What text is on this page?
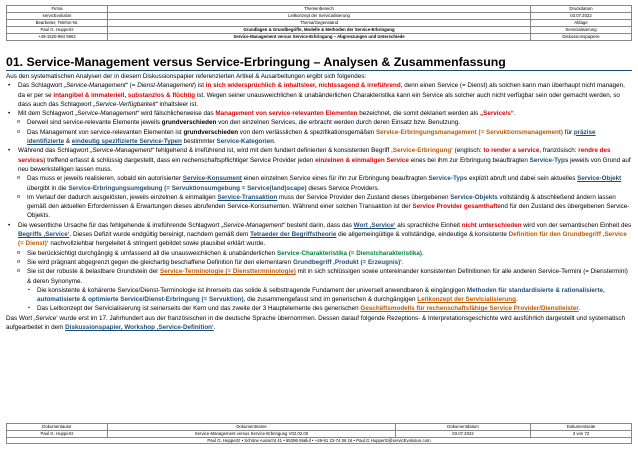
Firma	Themenbereich	Druckdatum
servicEvolution	Leitkonzept der Servicialisierung	03.07.2022
Bearbeiter, Telefon-Nr.	Thema/Gegenstand	Ablage
Paul G. Huppertz	Grundlagen & Grundbegriffe, Modelle & Methoden der Service-Erbringung	Servicialisierung
+49-1520-984 5962	Service-Management versus Service-Erbringung – Abgrenzungen und Unterschiede	Diskussionspapiere
01. Service-Management versus Service-Erbringung – Analysen & Zusammenfassung

Aus den systematischen Analysen der in diesem Diskussionspapier referenzierten Artikel & Ausarbeitungen ergibt sich folgendes:

• Das Schlagwort „Service-Management“ (= Dienst-Management) ist in sich widersprüchlich & inhaltsleer, nichtssagend & irreführend, denn einen Service (= Dienst) als solchen kann man überhaupt nicht managen, da er per se intangibel & immateriell, substanzlos & flüchtig ist. Wegen seiner unausweichlichen & unabänderlichen Charakteristika kann ein Service als solcher auch nicht verfügbar sein oder gemacht werden, so dass auch das Schlagwort „Service-Verfügbarkeit“ inhaltsleer ist.
• Mit dem Schlagwort „Service-Management“ wird fälschlicherweise das Management von service-relevanten Elementen bezeichnet, die somit deklariert werden als „Service/s“.
o Derweil sind service-relevante Elemente jeweils grundverschieden von den einzelnen Services, die erbracht werden durch deren Einsatz bzw. Benutzung.
o Das Management von service-relevanten Elementen ist grundverschieden von dem verlässlichen & spezifikationsgemäßen Service-Erbringungsmanagement (= Servuktionsmanagement) für präzise identifizierte & eindeutig spezifizierte Service-Typen bestimmter Service-Kategorien.
• Während das Schlagwort „Service-Management“ fehlgehend & irreführend ist, wird mit dem fundiert definierten & konsistenten Begriff ‚Service-Erbringung‘ (englisch: to render a service, französisch: rendre des services) treffend erfasst & schlüssig dargestellt, dass ein rechenschaftspflichtiger Service Provider jeden einzelnen & einmaligen Service eines bei ihm zur Erbringung beauftragten Service-Typs jeweils von Grund auf neu bewerkstelligen lassen muss.
o Das muss er jeweils realisieren, sobald ein autorisierter Service-Konsument einen einzelnen Service eines für ihn zur Erbringung beauftragten Service-Typs explizit abruft und dabei sein aktuelles Service-Objekt übergibt in die Service-Erbringungsumgebung (= Servuktionsumgebung = Service(land)scape) dieses Service Providers.
o Im Verlauf der dadurch ausgelösten, jeweils einzelnen & einmaligen Service-Transaktion muss der Service Provider den Zustand dieses übergebenen Service-Objekts vollständig & abschließend ändern lassen gemäß den aktuellen Erfordernissen & Erwartungen dieses abrufenden Service-Konsumenten. Während einer solchen Transaktion ist der Service Provider gesamthaftend für den Zustand des übergebenen Service-Objekts.
• Die wesentliche Ursache für das fehlgehende & irreführende Schlagwort „Service-Management“ besteht darin, dass das Wort ‚Service‘ als sprachliche Einheit nicht unterschieden wird von der semantischen Einheit des Begriffs ‚Service‘. Dieses Defizit wurde endgültig bereinigt, nachdem gemäß dem Tetraeder der Begriffstheorie die allgemeingültige & vollständige, eindeutige & konsistente Definition für den Grundbegriff ‚Service (= Dienst)‘ nachvollziehbar hergeleitet & stringent gebildet sowie plausibel erklärt wurde.
o Sie berücksichtigt durchgängig & umfassend all die unausweichlichen & unabänderlichen Service-Charakteristika (= Dienstcharakteristika).
o Sie wird prägnant abgegrenzt gegen die gleichartig beschaffene Definition für den elementaren Grundbegriff ‚Produkt (= Erzeugnis)‘.
o Sie ist der robuste & belastbare Grundstein der Service-Terminologie (= Diensttermninologie) mit in sich schlüssigen sowie untereinander konsistenten Definitionen für alle anderen Service-Termini (= Dienstermini) & deren Synonyme.
▪ Die konsistente & kohärente Service/Dienst-Terminologie ist ihrerseits das solide & selbsttragende Fundament der universell anwendbaren & eingängigen Methoden für standardisierte & rationalisierte, automatisierte & optimierte Service/Dienst-Erbringung (= Servuktion), die zusammengefasst sind im generischen & durchgängigen Leitkonzept der Servicialisierung.
▪ Das Leitkonzept der Servicialisierung ist seinerseits der Kern und das zweite der 3 Hauptelemente des generischen Geschäftsmodells für rechenschaftsfähige Service Provider/Dienstleister.

Das Wort ‚Service‘ wurde erst im 17. Jahrhundert aus der französischen in die deutsche Sprache übernommen. Dessen darauf folgende Rezeptions- & Interpretationsgeschichte wird ausführlich dargestellt und systematisch aufgearbeitet in dem Diskussionspapier, Workshop ‚Service-Definition‘.

Dokumentautor	Dokumentname	Dokumentdatum	Dokumentseite
Paul G. Huppertz	Service-Management versus Service-Erbringung V02.02.00	03.07.2022	3 von 72
Paul G. Huppertz • Schöne Aussicht 41 • 65396 Walluf • +49-61 23-74 06 16 • Paul.G.Huppertz@servicEvolution.com			
